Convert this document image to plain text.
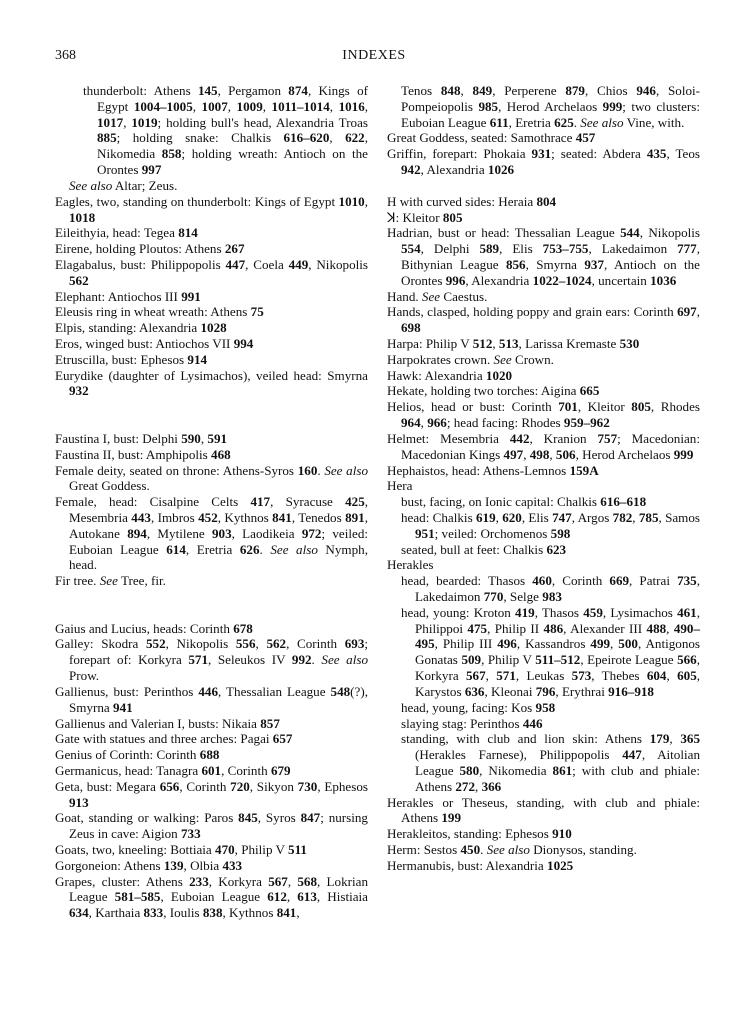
368	INDEXES
thunderbolt: Athens 145, Pergamon 874, Kings of Egypt 1004–1005, 1007, 1009, 1011–1014, 1016, 1017, 1019; holding bull's head, Alexandria Troas 885; holding snake: Chalkis 616–620, 622, Nikomedia 858; holding wreath: Antioch on the Orontes 997
See also Altar; Zeus.
Eagles, two, standing on thunderbolt: Kings of Egypt 1010, 1018
Eileithyia, head: Tegea 814
Eirene, holding Ploutos: Athens 267
Elagabalus, bust: Philippopolis 447, Coela 449, Nikopolis 562
Elephant: Antiochos III 991
Eleusis ring in wheat wreath: Athens 75
Elpis, standing: Alexandria 1028
Eros, winged bust: Antiochos VII 994
Etruscilla, bust: Ephesos 914
Eurydike (daughter of Lysimachos), veiled head: Smyrna 932
Faustina I, bust: Delphi 590, 591
Faustina II, bust: Amphipolis 468
Female deity, seated on throne: Athens-Syros 160. See also Great Goddess.
Female, head: Cisalpine Celts 417, Syracuse 425, Mesembria 443, Imbros 452, Kythnos 841, Tenedos 891, Autokane 894, Mytilene 903, Laodikeia 972; veiled: Euboian League 614, Eretria 626. See also Nymph, head.
Fir tree. See Tree, fir.
Gaius and Lucius, heads: Corinth 678
Galley: Skodra 552, Nikopolis 556, 562, Corinth 693; forepart of: Korkyra 571, Seleukos IV 992. See also Prow.
Gallienus, bust: Perinthos 446, Thessalian League 548(?), Smyrna 941
Gallienus and Valerian I, busts: Nikaia 857
Gate with statues and three arches: Pagai 657
Genius of Corinth: Corinth 688
Germanicus, head: Tanagra 601, Corinth 679
Geta, bust: Megara 656, Corinth 720, Sikyon 730, Ephesos 913
Goat, standing or walking: Paros 845, Syros 847; nursing Zeus in cave: Aigion 733
Goats, two, kneeling: Bottiaia 470, Philip V 511
Gorgoneion: Athens 139, Olbia 433
Grapes, cluster: Athens 233, Korkyra 567, 568, Lokrian League 581–585, Euboian League 612, 613, Histiaia 634, Karthaia 833, Ioulis 838, Kythnos 841,
Tenos 848, 849, Perperene 879, Chios 946, Soloi-Pompeiopolis 985, Herod Archelaos 999; two clusters: Euboian League 611, Eretria 625. See also Vine, with.
Great Goddess, seated: Samothrace 457
Griffin, forepart: Phokaia 931; seated: Abdera 435, Teos 942, Alexandria 1026
H with curved sides: Heraia 804
ꓘ: Kleitor 805
Hadrian, bust or head: Thessalian League 544, Nikopolis 554, Delphi 589, Elis 753–755, Lakedaimon 777, Bithynian League 856, Smyrna 937, Antioch on the Orontes 996, Alexandria 1022–1024, uncertain 1036
Hand. See Caestus.
Hands, clasped, holding poppy and grain ears: Corinth 697, 698
Harpa: Philip V 512, 513, Larissa Kremaste 530
Harpokrates crown. See Crown.
Hawk: Alexandria 1020
Hekate, holding two torches: Aigina 665
Helios, head or bust: Corinth 701, Kleitor 805, Rhodes 964, 966; head facing: Rhodes 959–962
Helmet: Mesembria 442, Kranion 757; Macedonian: Macedonian Kings 497, 498, 506, Herod Archelaos 999
Hephaistos, head: Athens-Lemnos 159A
Hera
bust, facing, on Ionic capital: Chalkis 616–618
head: Chalkis 619, 620, Elis 747, Argos 782, 785, Samos 951; veiled: Orchomenos 598
seated, bull at feet: Chalkis 623
Herakles
head, bearded: Thasos 460, Corinth 669, Patrai 735, Lakedaimon 770, Selge 983
head, young: Kroton 419, Thasos 459, Lysimachos 461, Philippoi 475, Philip II 486, Alexander III 488, 490–495, Philip III 496, Kassandros 499, 500, Antigonos Gonatas 509, Philip V 511–512, Epeirote League 566, Korkyra 567, 571, Leukas 573, Thebes 604, 605, Karystos 636, Kleonai 796, Erythrai 916–918
head, young, facing: Kos 958
slaying stag: Perinthos 446
standing, with club and lion skin: Athens 179, 365 (Herakles Farnese), Philippopolis 447, Aitolian League 580, Nikomedia 861; with club and phiale: Athens 272, 366
Herakles or Theseus, standing, with club and phiale: Athens 199
Herakleitos, standing: Ephesos 910
Herm: Sestos 450. See also Dionysos, standing.
Hermanubis, bust: Alexandria 1025
